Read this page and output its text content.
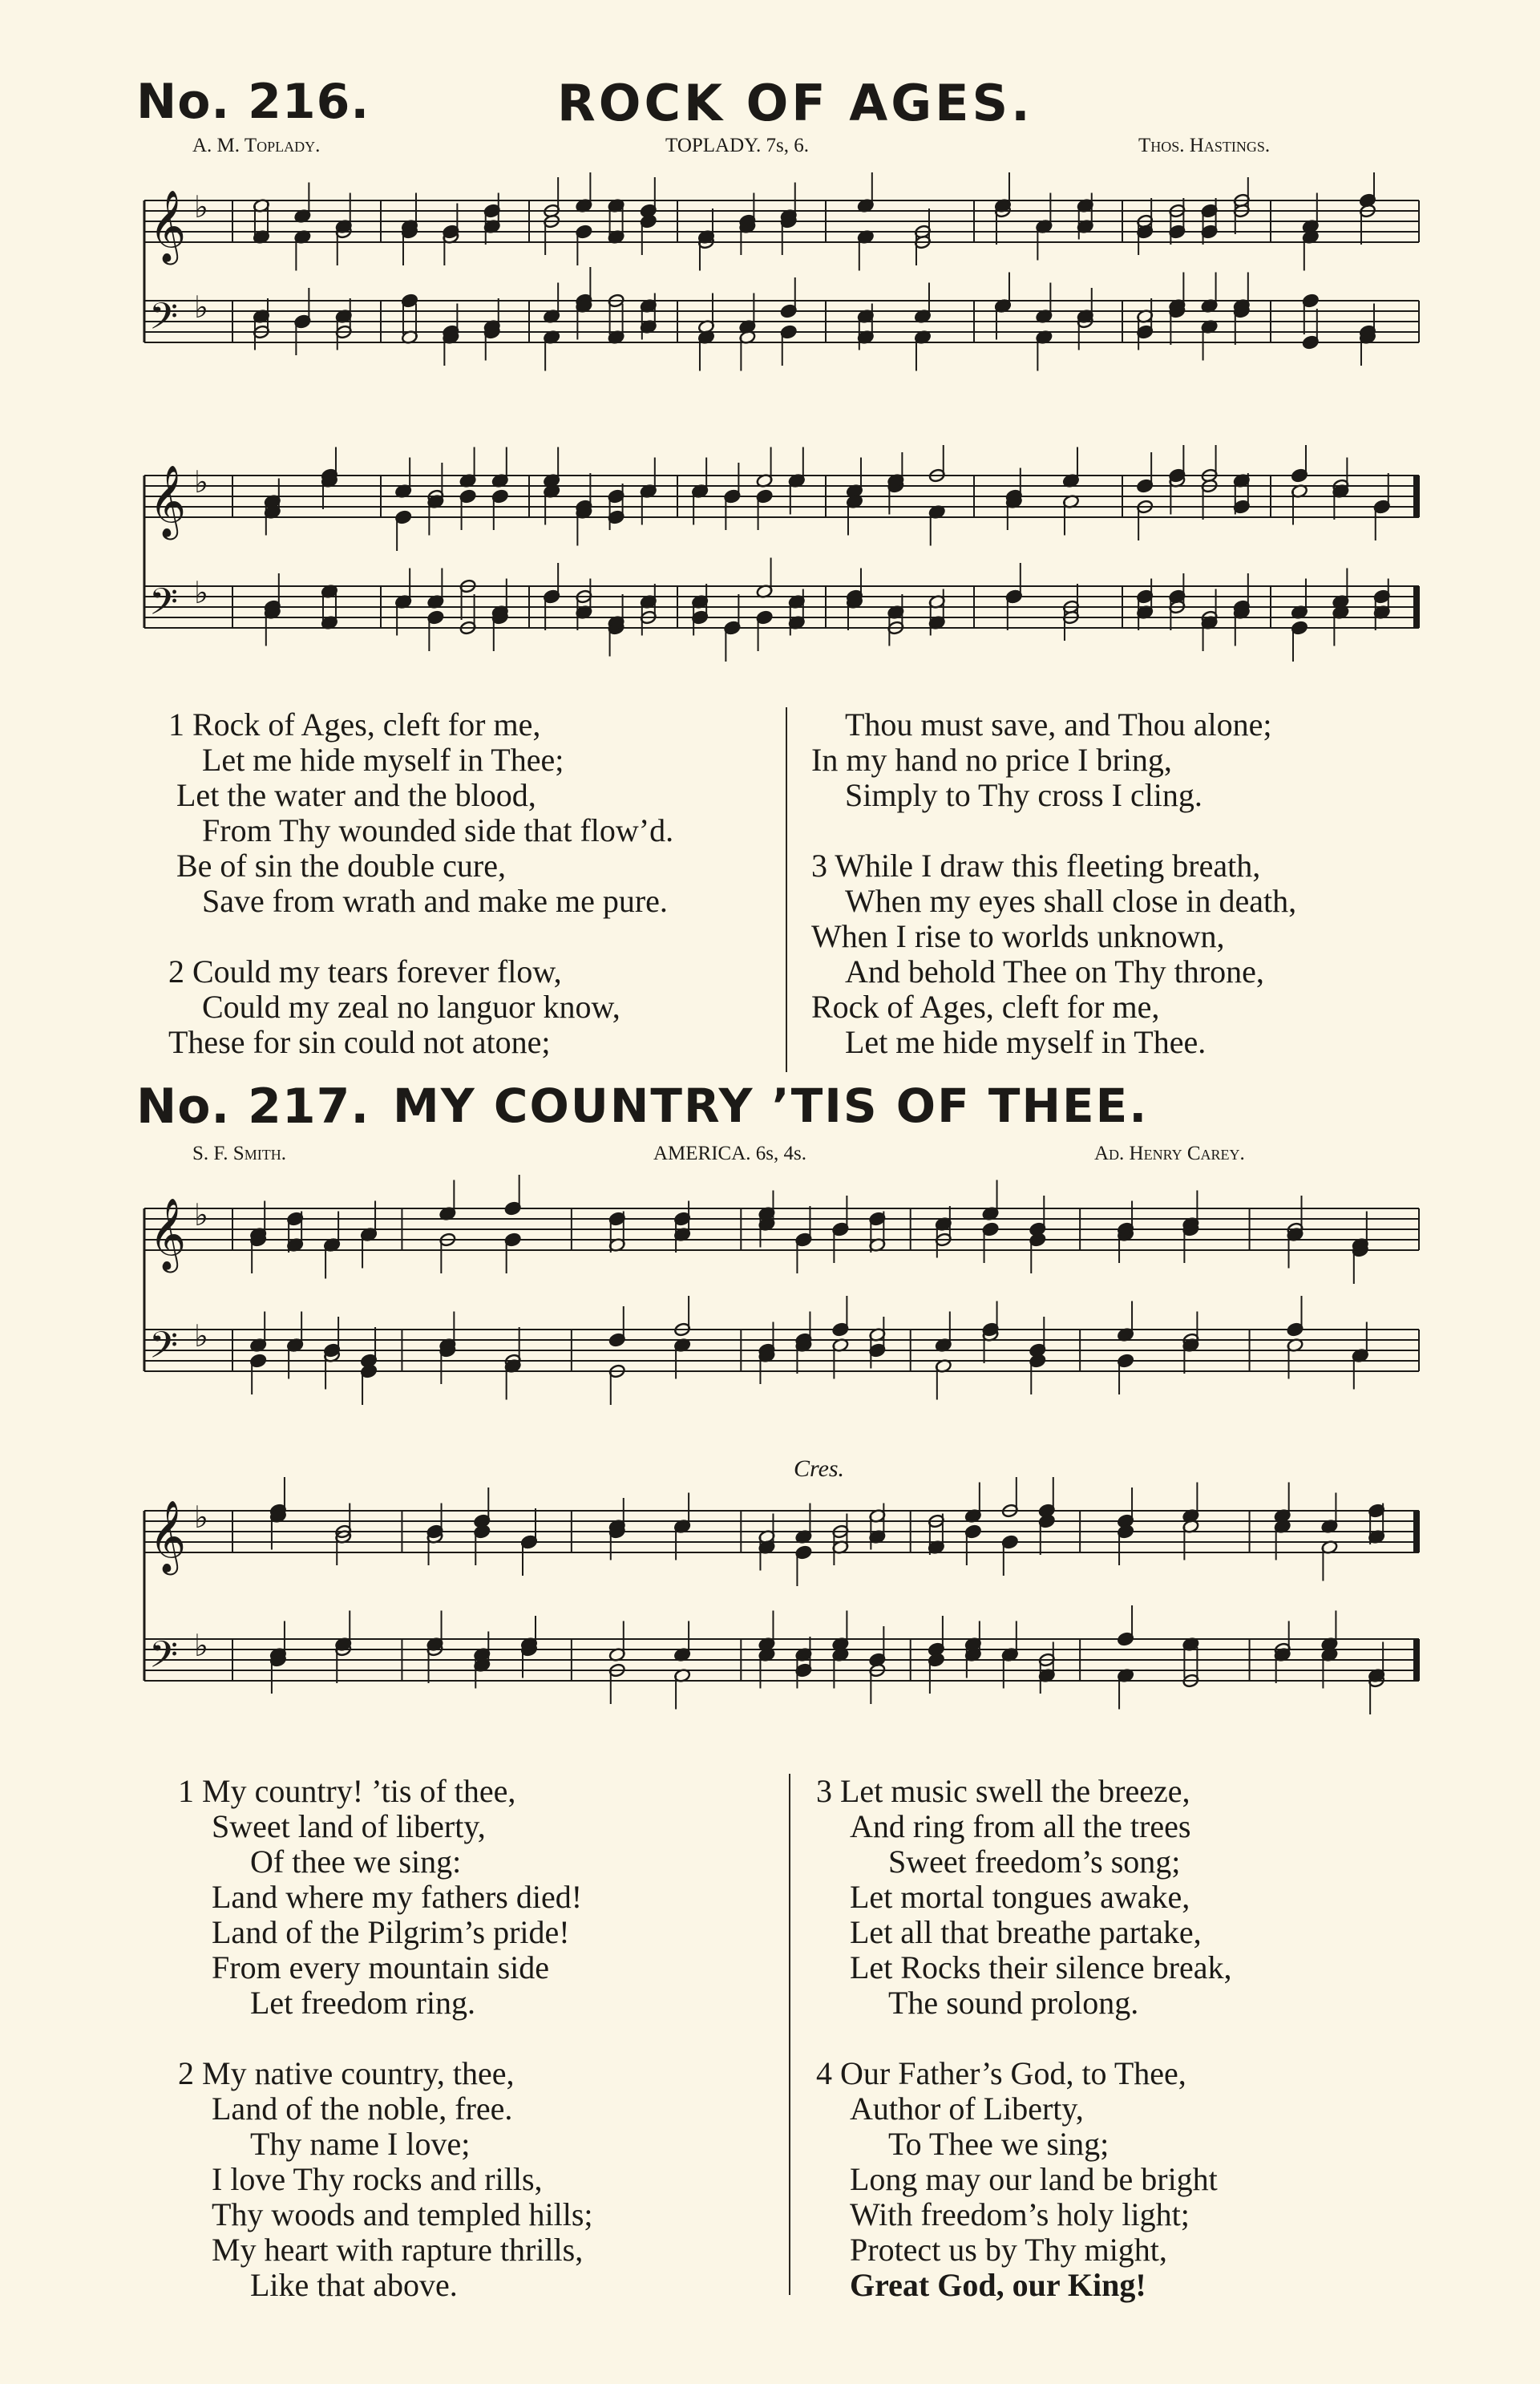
No. 216.	ROCK OF AGES.
A. M. Toplady.	TOPLADY. 7s, 6.	Thos. Hastings.
𝄞 ♭
𝄢 ♭
𝄞 ♭
𝄢 ♭
1 Rock of Ages, cleft for me,
Let me hide myself in Thee;
Let the water and the blood,
From Thy wounded side that flow’d.
Be of sin the double cure,
Save from wrath and make me pure.
2 Could my tears forever flow,
Could my zeal no languor know,
These for sin could not atone;
Thou must save, and Thou alone;
In my hand no price I bring,
Simply to Thy cross I cling.
3 While I draw this fleeting breath,
When my eyes shall close in death,
When I rise to worlds unknown,
And behold Thee on Thy throne,
Rock of Ages, cleft for me,
Let me hide myself in Thee.
No. 217. MY COUNTRY ’TIS OF THEE.
S. F. Smith.	AMERICA. 6s, 4s.	Ad. Henry Carey.
𝄞 ♭
𝄢 ♭
Cres.
𝄞 ♭
𝄢 ♭
1 My country! ’tis of thee,
Sweet land of liberty,
Of thee we sing:
Land where my fathers died!
Land of the Pilgrim’s pride!
From every mountain side
Let freedom ring.
2 My native country, thee,
Land of the noble, free.
Thy name I love;
I love Thy rocks and rills,
Thy woods and templed hills;
My heart with rapture thrills,
Like that above.
3 Let music swell the breeze,
And ring from all the trees
Sweet freedom’s song;
Let mortal tongues awake,
Let all that breathe partake,
Let Rocks their silence break,
The sound prolong.
4 Our Father’s God, to Thee,
Author of Liberty,
To Thee we sing;
Long may our land be bright
With freedom’s holy light;
Protect us by Thy might,
Great God, our King!
